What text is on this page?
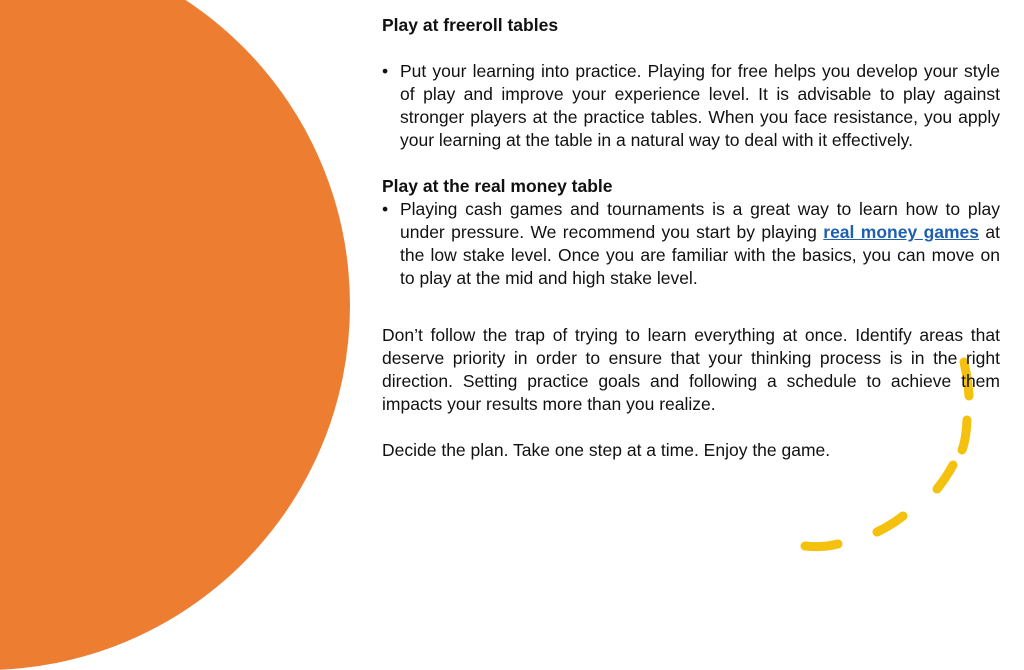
Play at freeroll tables

• Put your learning into practice. Playing for free helps you develop your style of play and improve your experience level. It is advisable to play against stronger players at the practice tables. When you face resistance, you apply your learning at the table in a natural way to deal with it effectively.

Play at the real money table

• Playing cash games and tournaments is a great way to learn how to play under pressure. We recommend you start by playing real money games at the low stake level. Once you are familiar with the basics, you can move on to play at the mid and high stake level.

Don’t follow the trap of trying to learn everything at once. Identify areas that deserve priority in order to ensure that your thinking process is in the right direction. Setting practice goals and following a schedule to achieve them impacts your results more than you realize.

Decide the plan. Take one step at a time. Enjoy the game.
